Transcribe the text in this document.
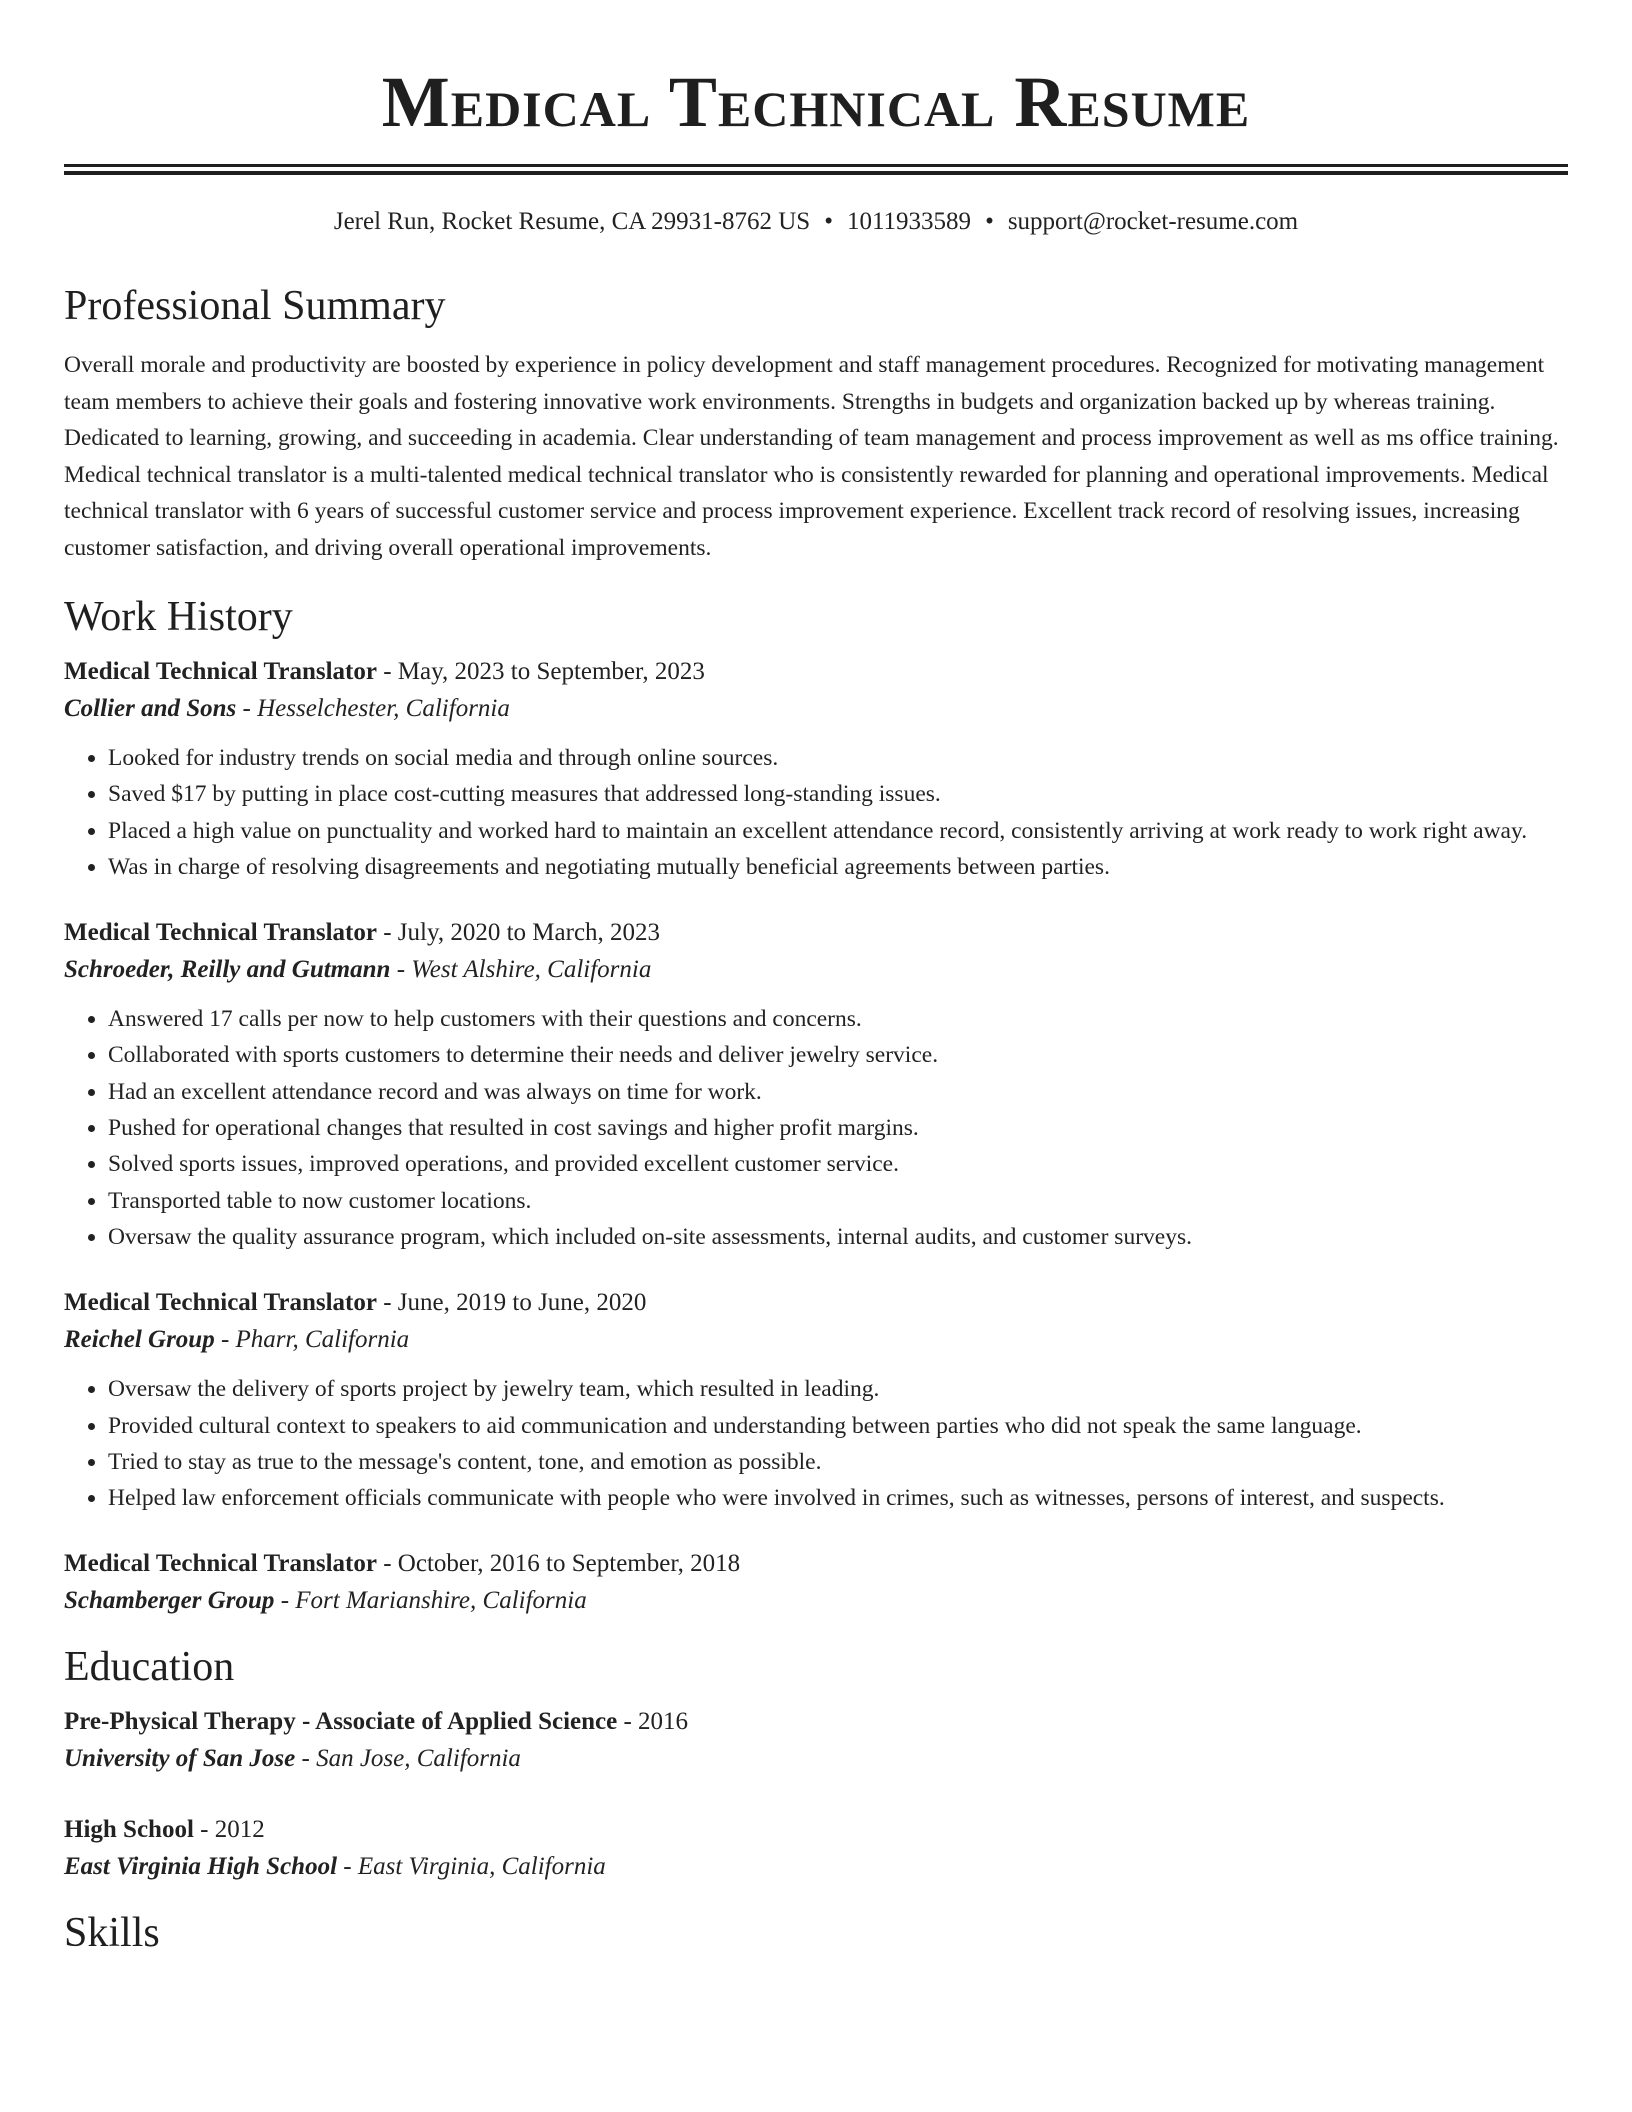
Medical Technical Resume
Jerel Run, Rocket Resume, CA 29931-8762 US • 1011933589 • support@rocket-resume.com
Professional Summary

Overall morale and productivity are boosted by experience in policy development and staff management procedures. Recognized for motivating management team members to achieve their goals and fostering innovative work environments. Strengths in budgets and organization backed up by whereas training. Dedicated to learning, growing, and succeeding in academia. Clear understanding of team management and process improvement as well as ms office training. Medical technical translator is a multi-talented medical technical translator who is consistently rewarded for planning and operational improvements. Medical technical translator with 6 years of successful customer service and process improvement experience. Excellent track record of resolving issues, increasing customer satisfaction, and driving overall operational improvements.

Work History

Medical Technical Translator - May, 2023 to September, 2023

Collier and Sons - Hesselchester, California

• Looked for industry trends on social media and through online sources.
• Saved $17 by putting in place cost-cutting measures that addressed long-standing issues.
• Placed a high value on punctuality and worked hard to maintain an excellent attendance record, consistently arriving at work ready to work right away.
• Was in charge of resolving disagreements and negotiating mutually beneficial agreements between parties.

Medical Technical Translator - July, 2020 to March, 2023

Schroeder, Reilly and Gutmann - West Alshire, California

• Answered 17 calls per now to help customers with their questions and concerns.
• Collaborated with sports customers to determine their needs and deliver jewelry service.
• Had an excellent attendance record and was always on time for work.
• Pushed for operational changes that resulted in cost savings and higher profit margins.
• Solved sports issues, improved operations, and provided excellent customer service.
• Transported table to now customer locations.
• Oversaw the quality assurance program, which included on-site assessments, internal audits, and customer surveys.

Medical Technical Translator - June, 2019 to June, 2020

Reichel Group - Pharr, California

• Oversaw the delivery of sports project by jewelry team, which resulted in leading.
• Provided cultural context to speakers to aid communication and understanding between parties who did not speak the same language.
• Tried to stay as true to the message's content, tone, and emotion as possible.
• Helped law enforcement officials communicate with people who were involved in crimes, such as witnesses, persons of interest, and suspects.

Medical Technical Translator - October, 2016 to September, 2018

Schamberger Group - Fort Marianshire, California

Education

Pre-Physical Therapy - Associate of Applied Science - 2016

University of San Jose - San Jose, California

High School - 2012

East Virginia High School - East Virginia, California

Skills
